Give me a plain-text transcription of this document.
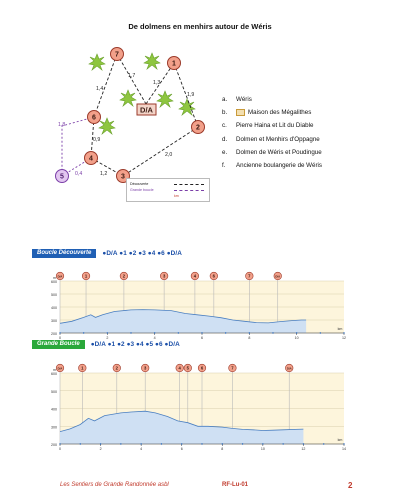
De dolmens en menhirs autour de Wéris
7
1
6
2
4
3
5
D/A
1,7
1,3
1,4
1,9
0,9
2,0
1,8
0,4	1,2
a.	Wéris
b.	Maison des Mégalithes
c.	Pierre Haina et Lit du Diable
d.	Dolmen et Menhirs d'Oppagne
e.	Dolmen de Wéris et Poudingue
f.	Ancienne boulangerie de Wéris
Découverte
Grande boucle
km
Boucle Découverte	●D/A ●1 ●2 ●3 ●4 ●6 ●D/A
600
500
400
300
200
m D/A	1	2	3	4	6	7	D/A
0	2	4	6	8	10	12
km
Grande Boucle	●D/A ●1 ●2 ●3 ●4 ●5 ●6 ●D/A
600
500
400
300
200
m D/A	1	2	3	4 5	6	7	D/A
0	2	4	6	8	10	12	14
km
Les Sentiers de Grande Randonnée asbl	RF-Lu-01	2
